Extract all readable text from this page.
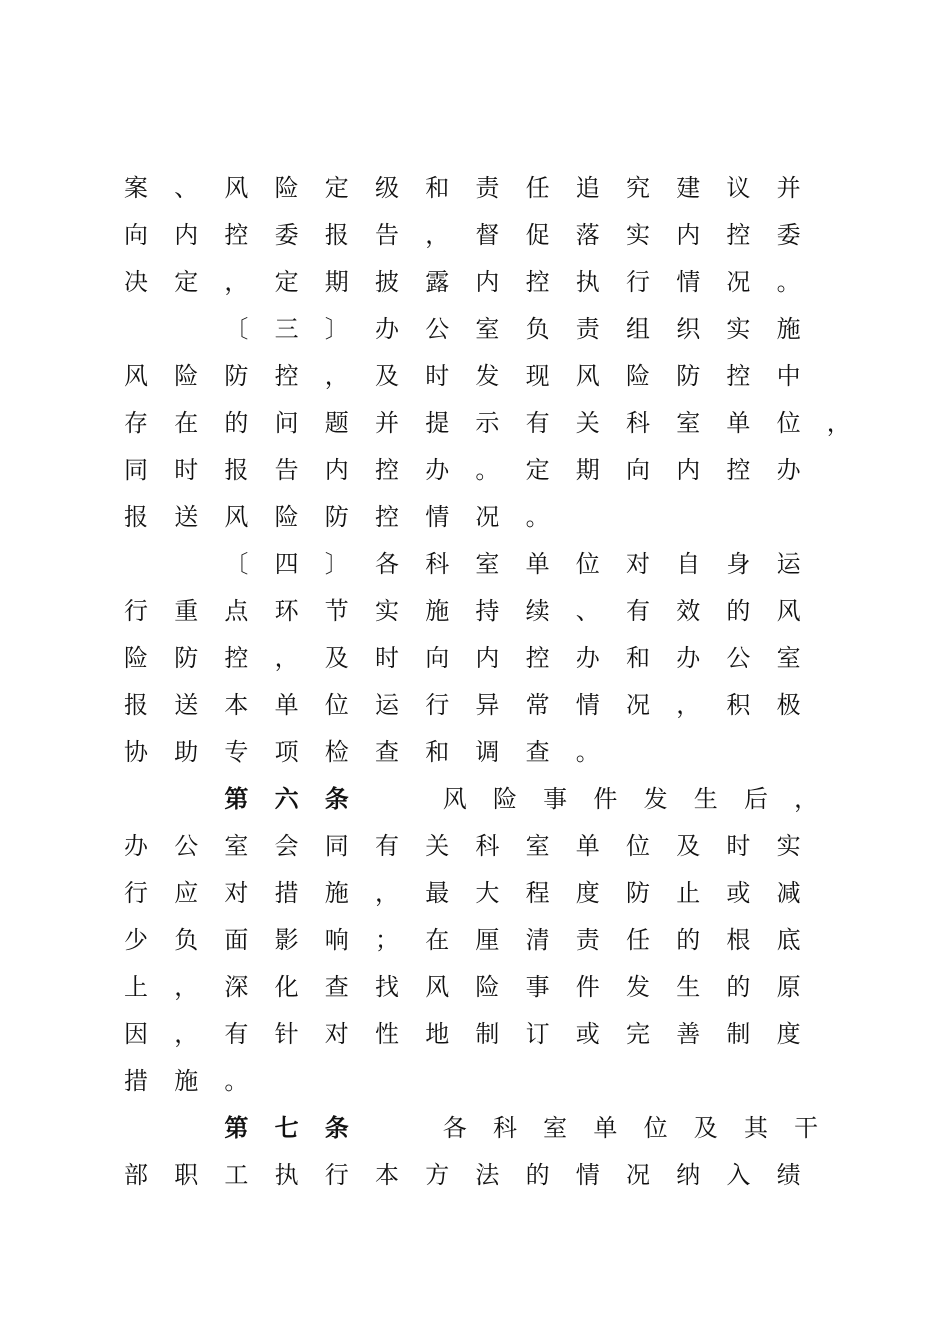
案 、 风 险 定 级 和 责 任 追 究 建 议 并
向 内 控 委 报 告 ， 督 促 落 实 内 控 委
决 定 ， 定 期 披 露 内 控 执 行 情 况 。
〔 三 〕 办 公 室 负 责 组 织 实 施
风 险 防 控 ， 及 时 发 现 风 险 防 控 中
存 在 的 问 题 并 提 示 有 关 科 室 单 位 ，
同 时 报 告 内 控 办 。 定 期 向 内 控 办
报 送 风 险 防 控 情 况 。
〔 四 〕 各 科 室 单 位 对 自 身 运
行 重 点 环 节 实 施 持 续 、 有 效 的 风
险 防 控 ， 及 时 向 内 控 办 和 办 公 室
报 送 本 单 位 运 行 异 常 情 况 ， 积 极
协 助 专 项 检 查 和 调 查 。
第 六 条	风 险 事 件 发 生 后 ，
办 公 室 会 同 有 关 科 室 单 位 及 时 实
行 应 对 措 施 ， 最 大 程 度 防 止 或 减
少 负 面 影 响 ； 在 厘 清 责 任 的 根 底
上 ， 深 化 查 找 风 险 事 件 发 生 的 原
因 ， 有 针 对 性 地 制 订 或 完 善 制 度
措 施 。
第 七 条	各 科 室 单 位 及 其 干
部 职 工 执 行 本 方 法 的 情 况 纳 入 绩
